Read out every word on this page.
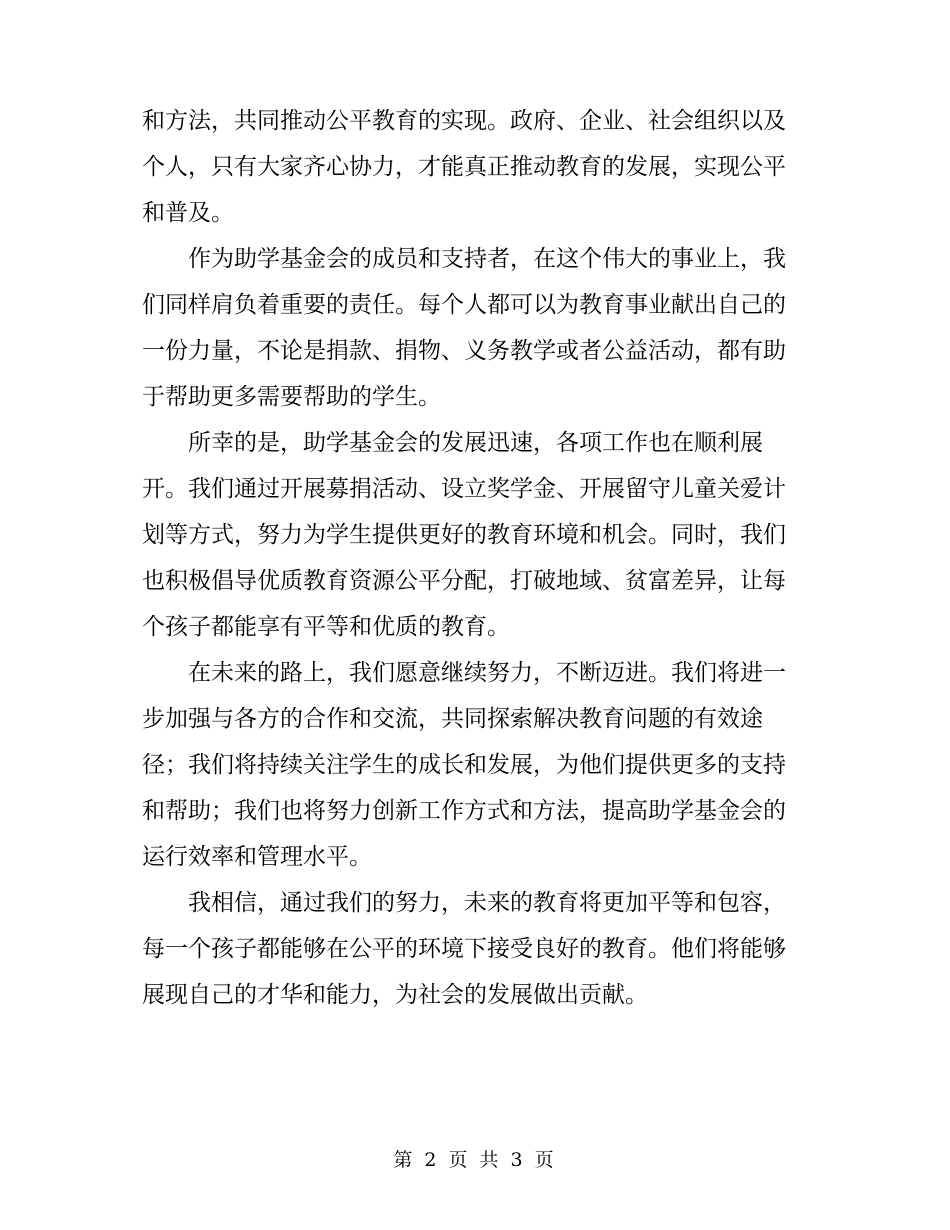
和方法，共同推动公平教育的实现。政府、企业、社会组织以及
个人，只有大家齐心协力，才能真正推动教育的发展，实现公平
和普及。
作为助学基金会的成员和支持者，在这个伟大的事业上，我
们同样肩负着重要的责任。每个人都可以为教育事业献出自己的
一份力量，不论是捐款、捐物、义务教学或者公益活动，都有助
于帮助更多需要帮助的学生。
所幸的是，助学基金会的发展迅速，各项工作也在顺利展
开。我们通过开展募捐活动、设立奖学金、开展留守儿童关爱计
划等方式，努力为学生提供更好的教育环境和机会。同时，我们
也积极倡导优质教育资源公平分配，打破地域、贫富差异，让每
个孩子都能享有平等和优质的教育。
在未来的路上，我们愿意继续努力，不断迈进。我们将进一
步加强与各方的合作和交流，共同探索解决教育问题的有效途
径；我们将持续关注学生的成长和发展，为他们提供更多的支持
和帮助；我们也将努力创新工作方式和方法，提高助学基金会的
运行效率和管理水平。
我相信，通过我们的努力，未来的教育将更加平等和包容，
每一个孩子都能够在公平的环境下接受良好的教育。他们将能够
展现自己的才华和能力，为社会的发展做出贡献。
第 2 页 共 3 页
